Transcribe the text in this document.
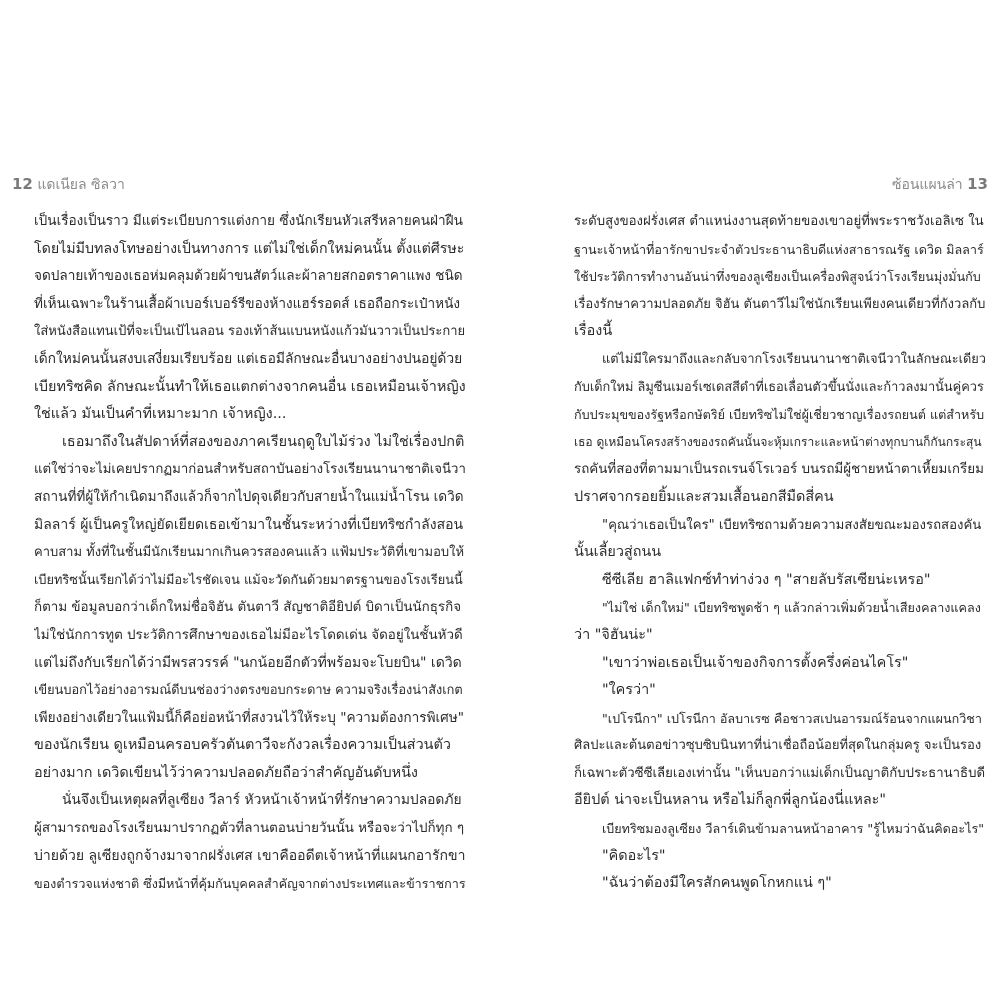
12 แดเนียล ซิลวา
เป็นเรื่องเป็นราว มีแต่ระเบียบการแต่งกาย ซึ่งนักเรียนหัวเสรีหลายคนฝ่าฝืน
โดยไม่มีบทลงโทษอย่างเป็นทางการ แต่ไม่ใช่เด็กใหม่คนนั้น ตั้งแต่ศีรษะ
จดปลายเท้าของเธอห่มคลุมด้วยผ้าขนสัตว์และผ้าลายสกอตราคาแพง ชนิด
ที่เห็นเฉพาะในร้านเสื้อผ้าเบอร์เบอร์รีของห้างแฮร์รอดส์ เธอถือกระเป๋าหนัง
ใส่หนังสือแทนเป้ที่จะเป็นเป้ไนลอน รองเท้าส้นแบนหนังแก้วมันวาวเป็นประกาย
เด็กใหม่คนนั้นสงบเสงี่ยมเรียบร้อย แต่เธอมีลักษณะอื่นบางอย่างปนอยู่ด้วย
เบียทริซคิด ลักษณะนั้นทำให้เธอแตกต่างจากคนอื่น เธอเหมือนเจ้าหญิง
ใช่แล้ว มันเป็นคำที่เหมาะมาก เจ้าหญิง...
เธอมาถึงในสัปดาห์ที่สองของภาคเรียนฤดูใบไม้ร่วง ไม่ใช่เรื่องปกติ
แต่ใช่ว่าจะไม่เคยปรากฏมาก่อนสำหรับสถาบันอย่างโรงเรียนนานาชาติเจนีวา
สถานที่ที่ผู้ให้กำเนิดมาถึงแล้วก็จากไปดุจเดียวกับสายน้ำในแม่น้ำโรน เดวิด
มิลลาร์ ผู้เป็นครูใหญ่ยัดเยียดเธอเข้ามาในชั้นระหว่างที่เบียทริซกำลังสอน
คาบสาม ทั้งที่ในชั้นมีนักเรียนมากเกินควรสองคนแล้ว แฟ้มประวัติที่เขามอบให้
เบียทริซนั้นเรียกได้ว่าไม่มีอะไรชัดเจน แม้จะวัดกันด้วยมาตรฐานของโรงเรียนนี้
ก็ตาม ข้อมูลบอกว่าเด็กใหม่ชื่อจิฮัน ตันตาวี สัญชาติอียิปต์ บิดาเป็นนักธุรกิจ
ไม่ใช่นักการทูต ประวัติการศึกษาของเธอไม่มีอะไรโดดเด่น จัดอยู่ในชั้นหัวดี
แต่ไม่ถึงกับเรียกได้ว่ามีพรสวรรค์ "นกน้อยอีกตัวที่พร้อมจะโบยบิน" เดวิด
เขียนบอกไว้อย่างอารมณ์ดีบนช่องว่างตรงขอบกระดาษ ความจริงเรื่องน่าสังเกต
เพียงอย่างเดียวในแฟ้มนี้ก็คือย่อหน้าที่สงวนไว้ให้ระบุ "ความต้องการพิเศษ"
ของนักเรียน ดูเหมือนครอบครัวตันตาวีจะกังวลเรื่องความเป็นส่วนตัว
อย่างมาก เดวิดเขียนไว้ว่าความปลอดภัยถือว่าสำคัญอันดับหนึ่ง
นั่นจึงเป็นเหตุผลที่ลูเซียง วีลาร์ หัวหน้าเจ้าหน้าที่รักษาความปลอดภัย
ผู้สามารถของโรงเรียนมาปรากฏตัวที่ลานตอนบ่ายวันนั้น หรือจะว่าไปก็ทุก ๆ
บ่ายด้วย ลูเซียงถูกจ้างมาจากฝรั่งเศส เขาคืออดีตเจ้าหน้าที่แผนกอารักขา
ของตำรวจแห่งชาติ ซึ่งมีหน้าที่คุ้มกันบุคคลสำคัญจากต่างประเทศและข้าราชการ
ซ้อนแผนล่า 13
ระดับสูงของฝรั่งเศส ตำแหน่งงานสุดท้ายของเขาอยู่ที่พระราชวังเอลิเซ ใน
ฐานะเจ้าหน้าที่อารักขาประจำตัวประธานาธิบดีแห่งสาธารณรัฐ เดวิด มิลลาร์
ใช้ประวัติการทำงานอันน่าทึ่งของลูเซียงเป็นเครื่องพิสูจน์ว่าโรงเรียนมุ่งมั่นกับ
เรื่องรักษาความปลอดภัย จิฮัน ตันตาวีไม่ใช่นักเรียนเพียงคนเดียวที่กังวลกับ
เรื่องนี้
แต่ไม่มีใครมาถึงและกลับจากโรงเรียนนานาชาติเจนีวาในลักษณะเดียว
กับเด็กใหม่ ลิมูซีนเมอร์เซเดสสีดำที่เธอเลื่อนตัวขึ้นนั่งและก้าวลงมานั้นคู่ควร
กับประมุขของรัฐหรือกษัตริย์ เบียทริซไม่ใช่ผู้เชี่ยวชาญเรื่องรถยนต์ แต่สำหรับ
เธอ ดูเหมือนโครงสร้างของรถคันนั้นจะหุ้มเกราะและหน้าต่างทุกบานก็กันกระสุน
รถคันที่สองที่ตามมาเป็นรถเรนจ์โรเวอร์ บนรถมีผู้ชายหน้าตาเหี้ยมเกรียม
ปราศจากรอยยิ้มและสวมเสื้อนอกสีมืดสี่คน
"คุณว่าเธอเป็นใคร" เบียทริซถามด้วยความสงสัยขณะมองรถสองคัน
นั้นเลี้ยวสู่ถนน
ซีซีเลีย ฮาลิแฟกซ์ทำท่าง่วง ๆ "สายลับรัสเซียน่ะเหรอ"
"ไม่ใช่ เด็กใหม่" เบียทริซพูดช้า ๆ แล้วกล่าวเพิ่มด้วยน้ำเสียงคลางแคลง
ว่า "จิฮันน่ะ"
"เขาว่าพ่อเธอเป็นเจ้าของกิจการตั้งครึ่งค่อนไคโร"
"ใครว่า"
"เปโรนีกา" เปโรนีกา อัลบาเรซ คือชาวสเปนอารมณ์ร้อนจากแผนกวิชา
ศิลปะและต้นตอข่าวซุบซิบนินทาที่น่าเชื่อถือน้อยที่สุดในกลุ่มครู จะเป็นรอง
ก็เฉพาะตัวซีซีเลียเองเท่านั้น "เห็นบอกว่าแม่เด็กเป็นญาติกับประธานาธิบดี
อียิปต์ น่าจะเป็นหลาน หรือไม่ก็ลูกพี่ลูกน้องนี่แหละ"
เบียทริซมองลูเซียง วีลาร์เดินข้ามลานหน้าอาคาร "รู้ไหมว่าฉันคิดอะไร"
"คิดอะไร"
"ฉันว่าต้องมีใครสักคนพูดโกหกแน่ ๆ"
